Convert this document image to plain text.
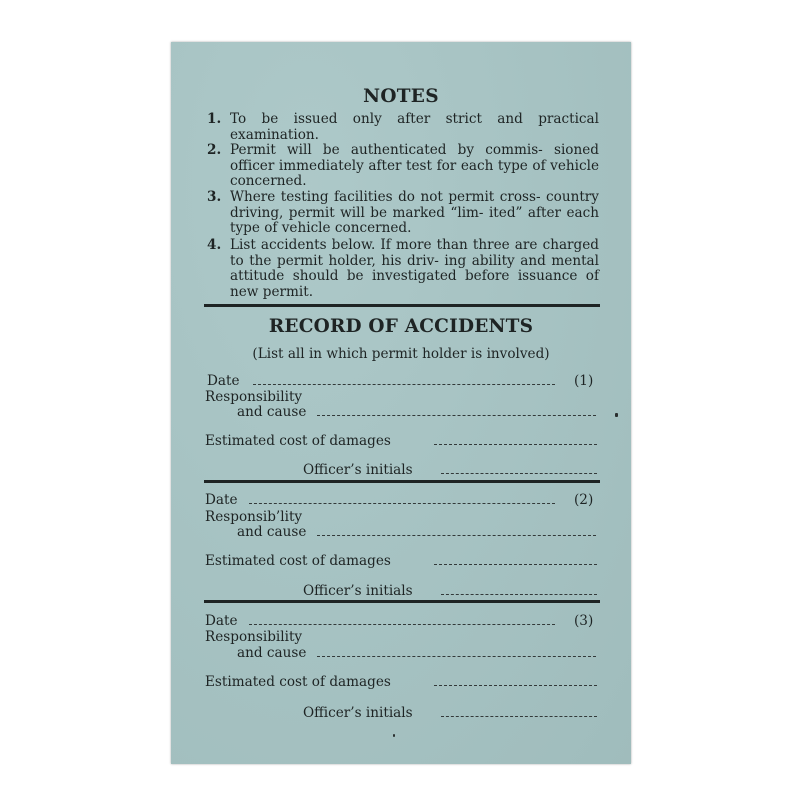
NOTES
1. To be issued only after strict and practical examination.
2. Permit will be authenticated by commis- sioned officer immediately after test for each type of vehicle concerned.
3. Where testing facilities do not permit cross- country driving, permit will be marked “lim- ited” after each type of vehicle concerned.
4. List accidents below. If more than three are charged to the permit holder, his driv- ing ability and mental attitude should be investigated before issuance of new permit.
RECORD OF ACCIDENTS
(List all in which permit holder is involved)
Date	(1)
Responsibility
and cause
Estimated cost of damages
Officer’s initials
Date	(2)
Responsib’lity
and cause
Estimated cost of damages
Officer’s initials
Date	(3)
Responsibility
and cause
Estimated cost of damages
Officer’s initials
